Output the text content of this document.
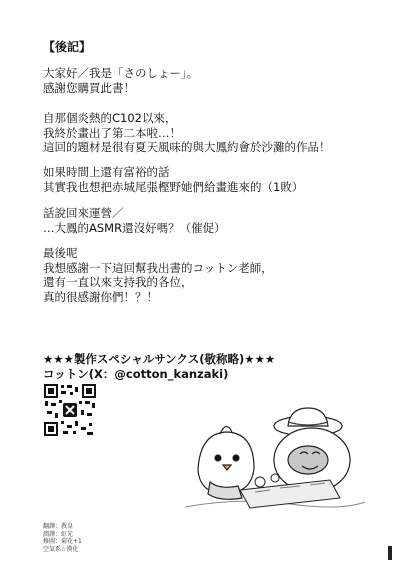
【後記】
大家好／我是「さのしょー」。
感謝您購買此書！
自那個炎熱的C102以來，
我終於畫出了第二本啦…！
這回的題材是很有夏天風味的與大鳳約會於沙灘的作品！
如果時間上還有富裕的話
其實我也想把赤城尾張樫野她們給畫進來的（1敗）
話說回來運營／
…大鳳的ASMR還沒好嗎？（催促）
最後呢
我想感謝一下這回幫我出書的コットン老師，
還有一直以來支持我的各位，
真的很感謝你們！？！
★★★製作スペシャルサンクス(敬称略)★★★
コットン(X：@cotton_kanzaki)
翻譯：教皇
潤譯：虹光
修圖：菊花+1
空氣系☆漢化
